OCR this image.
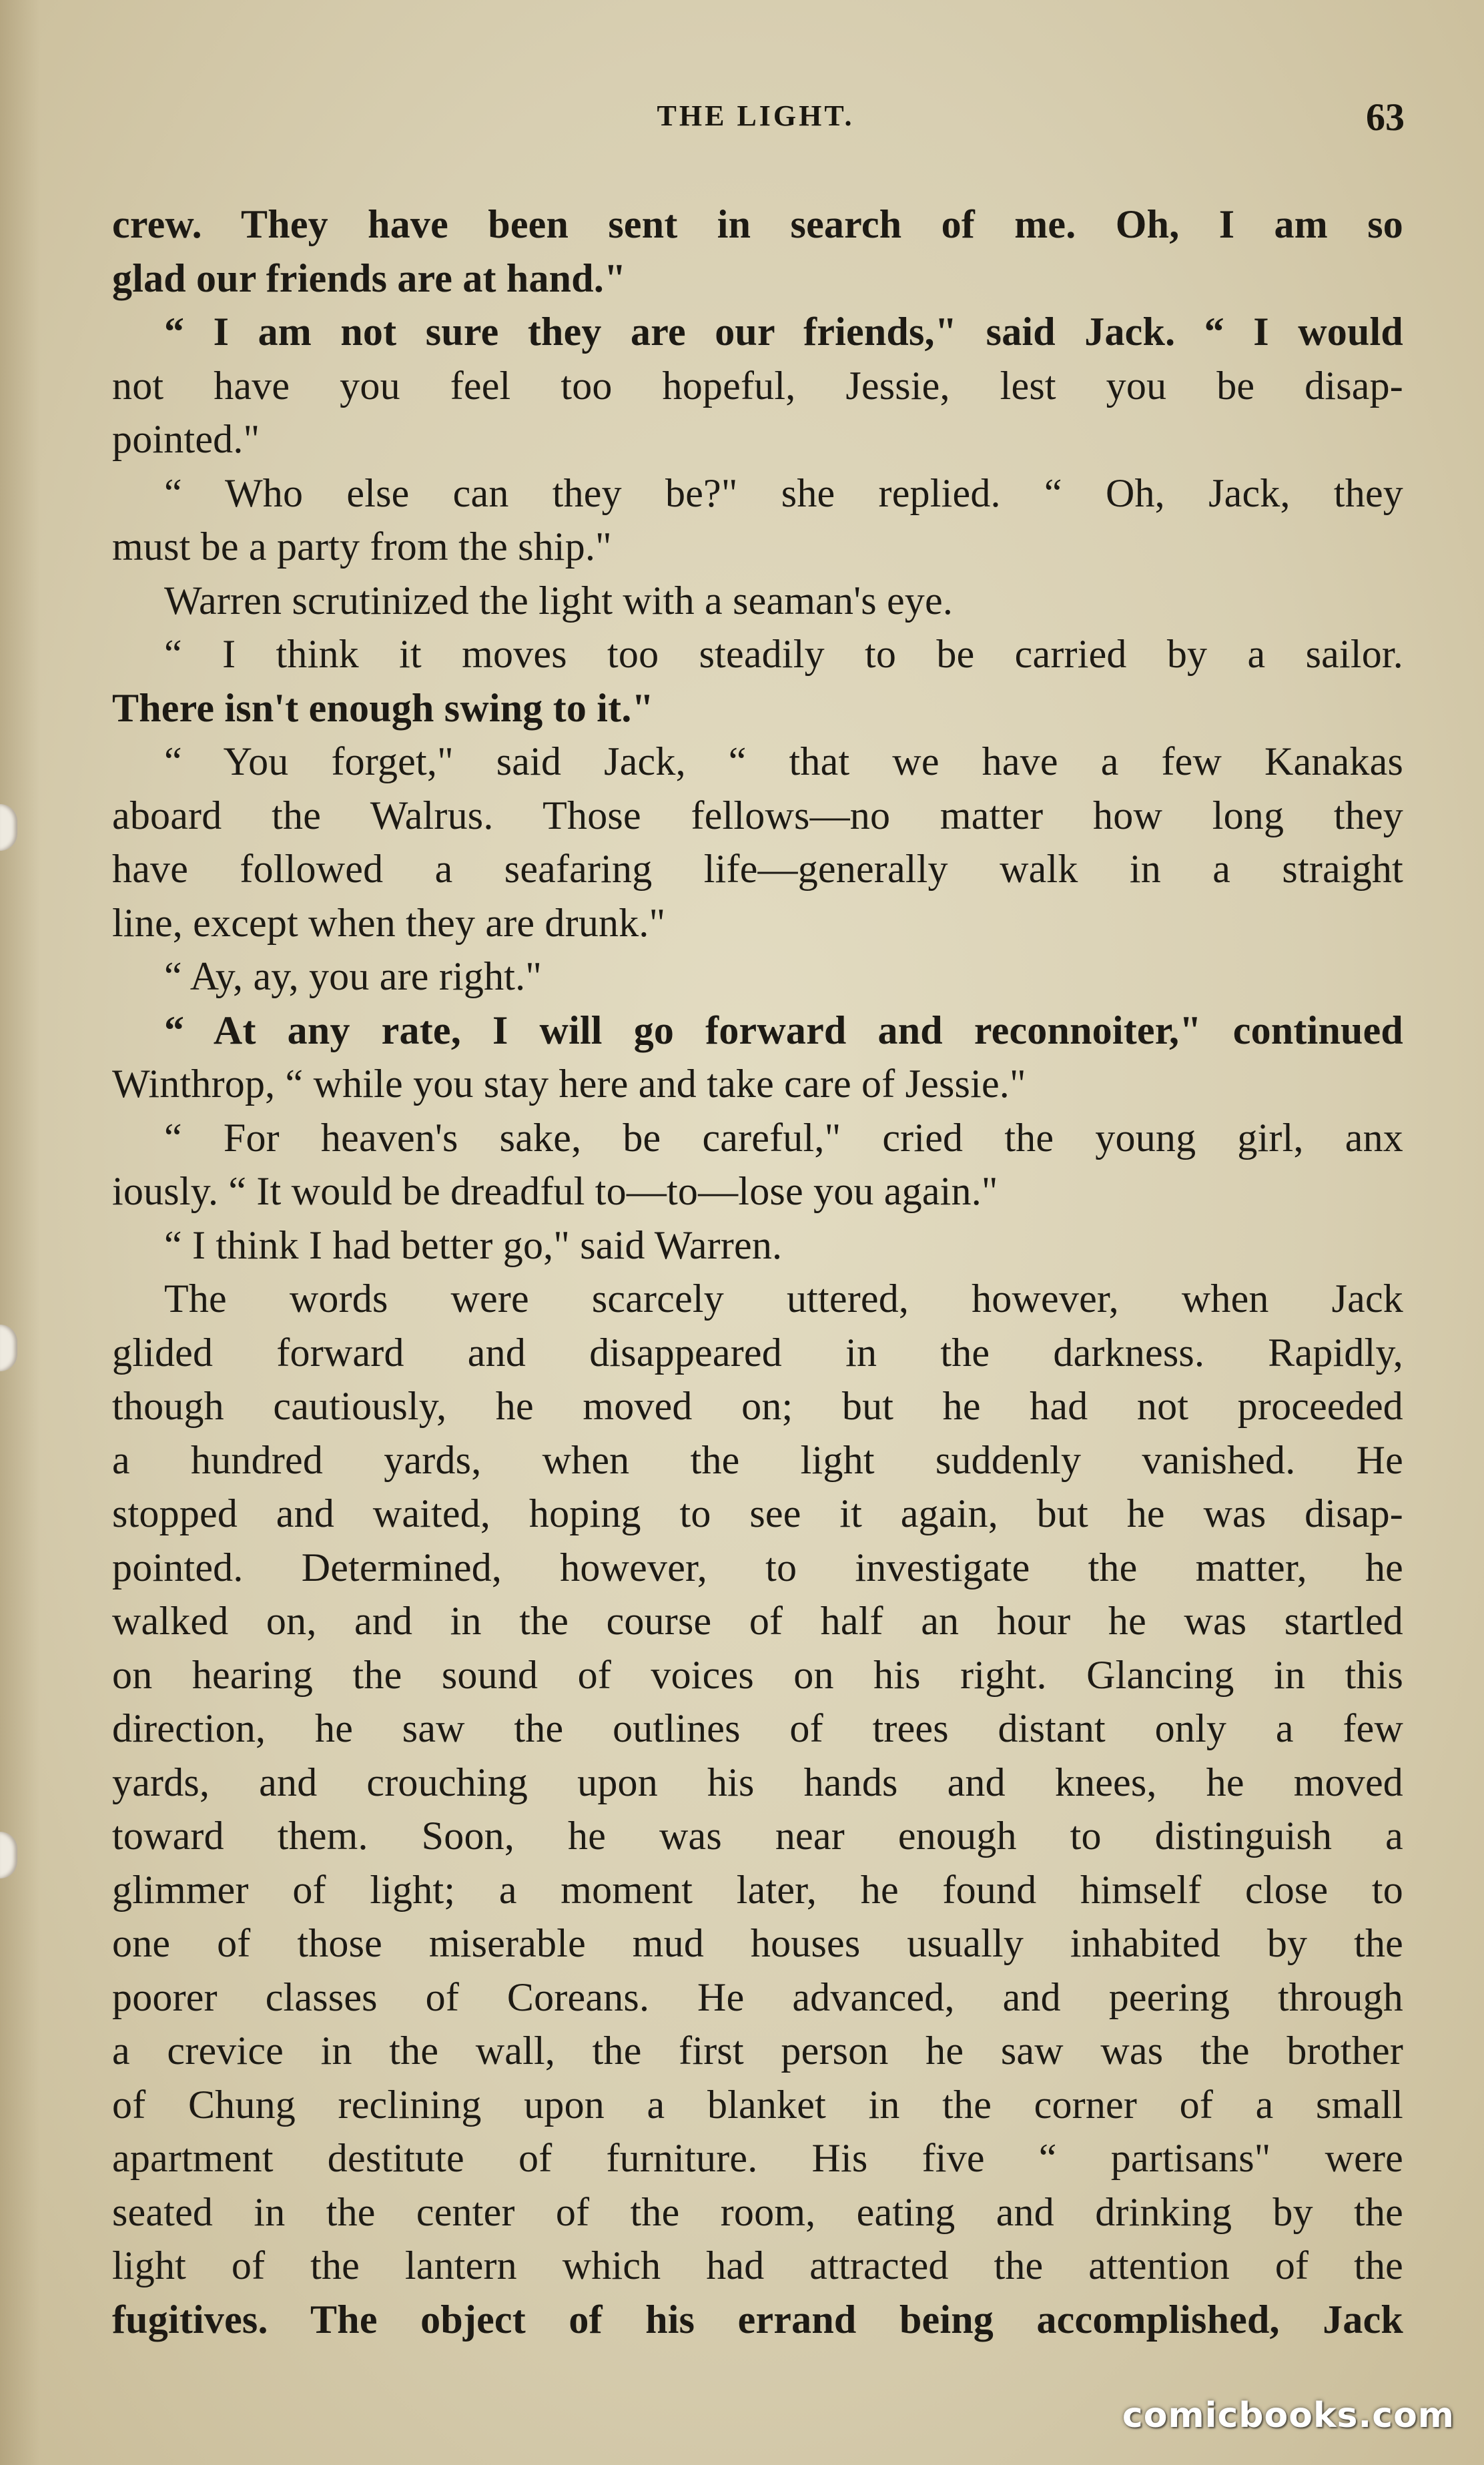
THE LIGHT.	63
crew. They have been sent in search of me. Oh, I am so
glad our friends are at hand."
“ I am not sure they are our friends," said Jack. “ I would
not have you feel too hopeful, Jessie, lest you be disap-
pointed."
“ Who else can they be?" she replied. “ Oh, Jack, they
must be a party from the ship."
Warren scrutinized the light with a seaman's eye.
“ I think it moves too steadily to be carried by a sailor.
There isn't enough swing to it."
“ You forget," said Jack, “ that we have a few Kanakas
aboard the Walrus. Those fellows—no matter how long they
have followed a seafaring life—generally walk in a straight
line, except when they are drunk."
“ Ay, ay, you are right."
“ At any rate, I will go forward and reconnoiter," continued
Winthrop, “ while you stay here and take care of Jessie."
“ For heaven's sake, be careful," cried the young girl, anx
iously. “ It would be dreadful to—to—lose you again."
“ I think I had better go," said Warren.
The words were scarcely uttered, however, when Jack
glided forward and disappeared in the darkness. Rapidly,
though cautiously, he moved on; but he had not proceeded
a hundred yards, when the light suddenly vanished. He
stopped and waited, hoping to see it again, but he was disap-
pointed. Determined, however, to investigate the matter, he
walked on, and in the course of half an hour he was startled
on hearing the sound of voices on his right. Glancing in this
direction, he saw the outlines of trees distant only a few
yards, and crouching upon his hands and knees, he moved
toward them. Soon, he was near enough to distinguish a
glimmer of light; a moment later, he found himself close to
one of those miserable mud houses usually inhabited by the
poorer classes of Coreans. He advanced, and peering through
a crevice in the wall, the first person he saw was the brother
of Chung reclining upon a blanket in the corner of a small
apartment destitute of furniture. His five “ partisans" were
seated in the center of the room, eating and drinking by the
light of the lantern which had attracted the attention of the
fugitives. The object of his errand being accomplished, Jack
comicbooks.com
